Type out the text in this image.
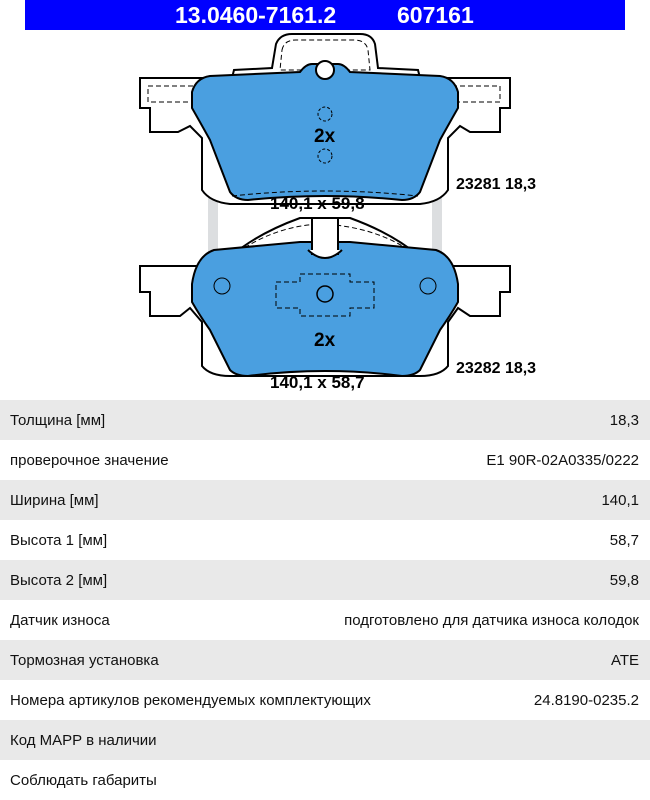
13.0460-7161.2	607161
2x
140,1 x 59,8
23281 18,3
2x
140,1 x 58,7
23282 18,3
Толщина [мм]	18,3
проверочное значение	E1 90R-02A0335/0222
Ширина [мм]	140,1
Высота 1 [мм]	58,7
Высота 2 [мм]	59,8
Датчик износа	подготовлено для датчика износа колодок
Тормозная установка	ATE
Номера артикулов рекомендуемых комплектующих	24.8190-0235.2
Код MAPP в наличии
Соблюдать габариты
